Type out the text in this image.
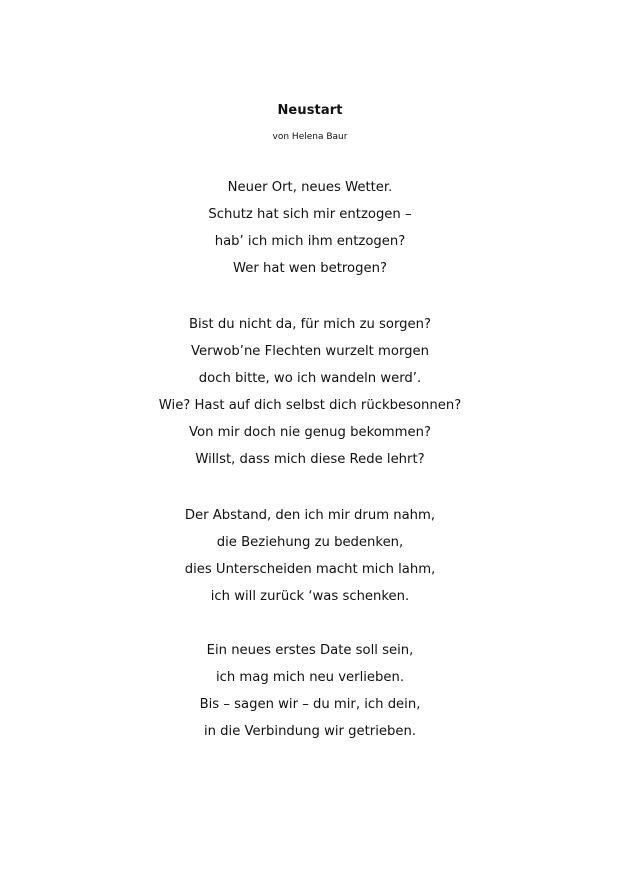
Neustart
von Helena Baur
Neuer Ort, neues Wetter.
Schutz hat sich mir entzogen –
hab’ ich mich ihm entzogen?
Wer hat wen betrogen?
Bist du nicht da, für mich zu sorgen?
Verwob’ne Flechten wurzelt morgen
doch bitte, wo ich wandeln werd’.
Wie? Hast auf dich selbst dich rückbesonnen?
Von mir doch nie genug bekommen?
Willst, dass mich diese Rede lehrt?
Der Abstand, den ich mir drum nahm,
die Beziehung zu bedenken,
dies Unterscheiden macht mich lahm,
ich will zurück ‘was schenken.
Ein neues erstes Date soll sein,
ich mag mich neu verlieben.
Bis – sagen wir – du mir, ich dein,
in die Verbindung wir getrieben.
